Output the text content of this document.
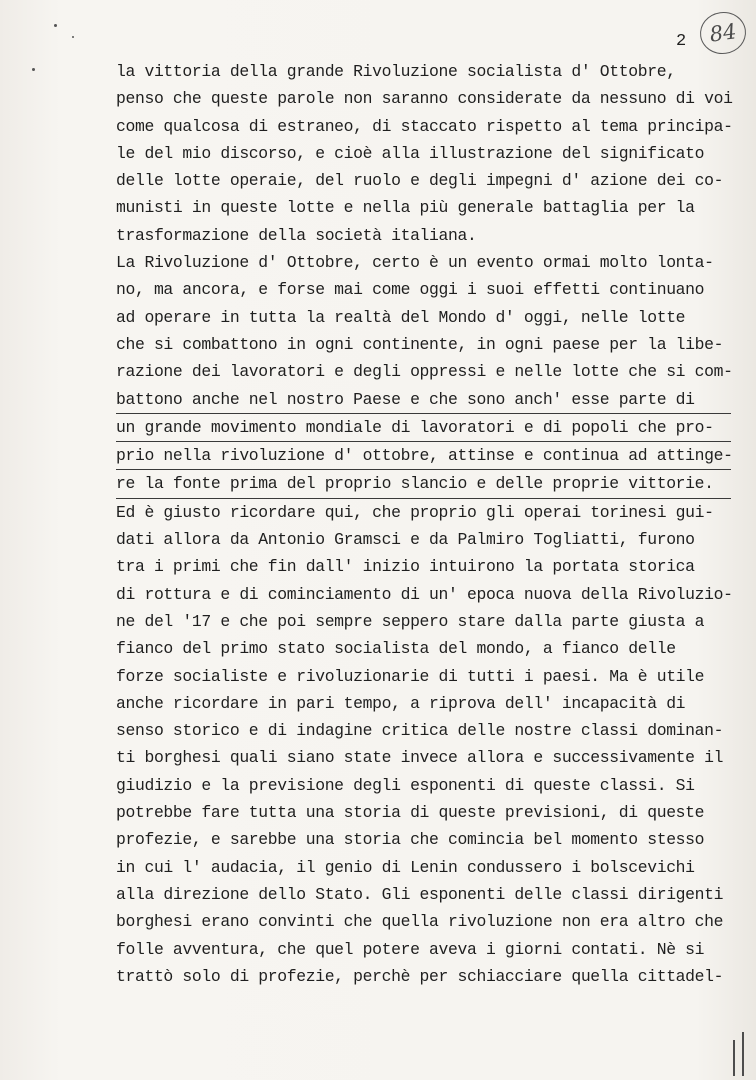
2	84
la vittoria della grande Rivoluzione socialista d' Ottobre,
penso che queste parole non saranno considerate da nessuno di voi
come qualcosa di estraneo, di staccato rispetto al tema principa-
le del mio discorso, e cioè alla illustrazione del significato
delle lotte operaie, del ruolo e degli impegni d' azione dei co-
munisti in queste lotte e nella più generale battaglia per la
trasformazione della società italiana.
La Rivoluzione d' Ottobre, certo è un evento ormai molto lonta-
no, ma ancora, e forse mai come oggi i suoi effetti continuano
ad operare in tutta la realtà del Mondo d' oggi, nelle lotte
che si combattono in ogni continente, in ogni paese per la libe-
razione dei lavoratori e degli oppressi e nelle lotte che si com-
battono anche nel nostro Paese e che sono anch' esse parte di
un grande movimento mondiale di lavoratori e di popoli che pro-
prio nella rivoluzione d' ottobre, attinse e continua ad attinge-
re la fonte prima del proprio slancio e delle proprie vittorie.
Ed è giusto ricordare qui, che proprio gli operai torinesi gui-
dati allora da Antonio Gramsci e da Palmiro Togliatti, furono
tra i primi che fin dall' inizio intuirono la portata storica
di rottura e di cominciamento di un' epoca nuova della Rivoluzio-
ne del '17 e che poi sempre seppero stare dalla parte giusta a
fianco del primo stato socialista del mondo, a fianco delle
forze socialiste e rivoluzionarie di tutti i paesi. Ma è utile
anche ricordare in pari tempo, a riprova dell' incapacità di
senso storico e di indagine critica delle nostre classi dominan-
ti borghesi quali siano state invece allora e successivamente il
giudizio e la previsione degli esponenti di queste classi. Si
potrebbe fare tutta una storia di queste previsioni, di queste
profezie, e sarebbe una storia che comincia bel momento stesso
in cui l' audacia, il genio di Lenin condussero i bolscevichi
alla direzione dello Stato. Gli esponenti delle classi dirigenti
borghesi erano convinti che quella rivoluzione non era altro che
folle avventura, che quel potere aveva i giorni contati. Nè si
trattò solo di profezie, perchè per schiacciare quella cittadel-
